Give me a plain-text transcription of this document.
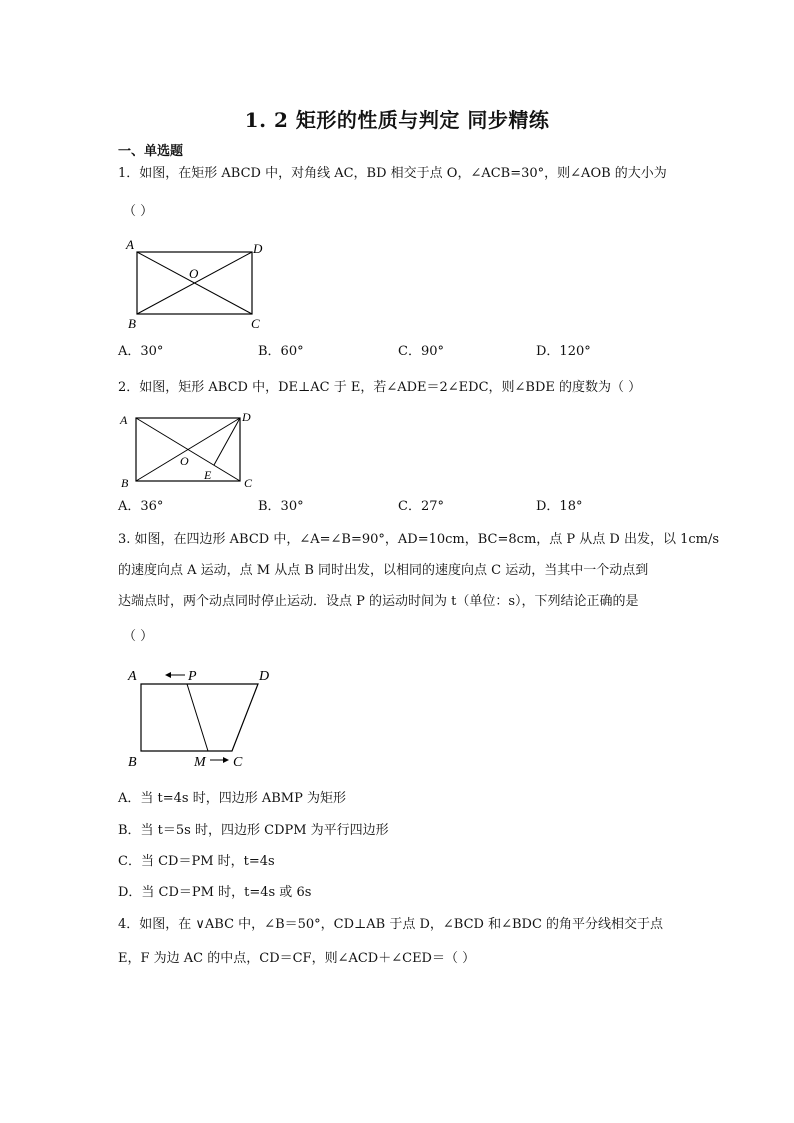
1. 2 矩形的性质与判定 同步精练
一、单选题
1．如图，在矩形 ABCD 中，对角线 AC，BD 相交于点 O，∠ACB=30°，则∠AOB 的大小为
（ ）
A	D
B	C
O
A．30°	B．60°	C．90°	D．120°
2．如图，矩形 ABCD 中，DE⊥AC 于 E，若∠ADE＝2∠EDC，则∠BDE 的度数为（ ）
A	D
B	C
O
E
A．36°	B．30°	C．27°	D．18°
3. 如图，在四边形 ABCD 中，∠A=∠B=90°，AD=10cm，BC=8cm，点 P 从点 D 出发，以 1cm/s
的速度向点 A 运动，点 M 从点 B 同时出发，以相同的速度向点 C 运动，当其中一个动点到
达端点时，两个动点同时停止运动．设点 P 的运动时间为 t（单位：s），下列结论正确的是
（ ）
A	P	D
B	M C
A．当 t=4s 时，四边形 ABMP 为矩形
B．当 t＝5s 时，四边形 CDPM 为平行四边形
C．当 CD＝PM 时，t=4s
D．当 CD＝PM 时，t=4s 或 6s
4．如图，在 ∨ABC 中，∠B＝50°，CD⊥AB 于点 D，∠BCD 和∠BDC 的角平分线相交于点
E，F 为边 AC 的中点，CD＝CF，则∠ACD＋∠CED＝（ ）
